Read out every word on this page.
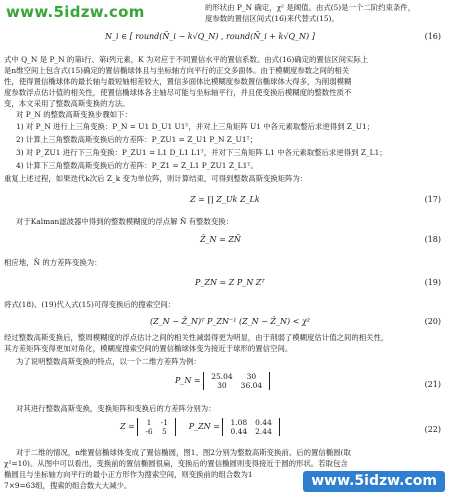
www.5idzw.com	的形状由 P_N 确定，χ² 是阈值。由式(5)是一个二阶约束条件，
度参数的置信区间式(16)来代替式(15)。
N_i ∈ [ round(Ñ_i − k√Q_N) , round(Ñ_i + k√Q_N) ]	(16)
式中 Q_N 是 P_N 的第i行、第i列元素，K 为对应于不同置信水平的置信系数。由式(16)确定的置信区间实际上
是n维空间上包含式(15)确定的置信椭球体且与坐标轴方向平行的正交多面体。由于模糊度参数之间的相关
性，使得置信椭球体的最长轴与最短轴相差较大，置信多面体比模糊度参数置信椭球体大得多，为削弱模糊
度参数浮点估计值的相关性，使置信椭球体各主轴尽可能与坐标轴平行，并且使变换后模糊度的整数性质不
变，本文采用了整数高斯变换的方法。
对 P_N 的整数高斯变换步骤如下：
1) 对 P_N 进行上三角变换：P_N = U1 D_U1 U1ᵀ，并对上三角矩阵 U1 中各元素取整后求逆得到 Z_U1；
2) 计算上三角整数高斯变换后的方差阵：P_ZU1 = Z_U1 P_N Z_U1ᵀ；
3) 对 P_ZU1 进行下三角变换：P_ZU1 = L1 D_L1 L1ᵀ，并对下三角矩阵 L1 中各元素取整后求逆得到 Z_L1；
4) 计算下三角整数高斯变换后的方差阵：P_Z1 = Z_L1 P_ZU1 Z_L1ᵀ。
重复上述过程，如果迭代k次后 Z_k 变为单位阵，则计算结束，可得到整数高斯变换矩阵为：
Z = ∏ Z_Uk Z_Lk	(17)
对于Kalman滤波器中得到的整数模糊度的浮点解 Ñ 有整数变换：
Ẑ_N = ZÑ	(18)
相应地，N̂ 的方差阵变换为：
P_ZN = Z P_N Zᵀ	(19)
将式(18)、(19)代入式(15)可得变换后的搜索空间：
(Z_N − Ẑ_N)ᵀ P_ZN⁻¹ (Z_N − Ẑ_N) < χ²	(20)
经过整数高斯变换后，整周模糊度的浮点估计之间的相关性减弱得更为明显，由于削弱了模糊度估计值之间的相关性，
其方差矩阵变得更加对角化，模糊度搜索空间的置信椭球体变为接近于球形的置信空间。
为了说明整数高斯变换的特点，以一个二维方差阵为例：
P_N = 25.04	30
30	36.04	(21)
对其进行整数高斯变换，变换矩阵和变换后的方差阵分别为：
Z = 1	-1
-6	5
P_ZN = 1.08	0.44
0.44	2.44	(22)
对于二维的情况，n维置信椭球体变成了置信椭圆，图1、图2分别为整数高斯变换前、后的置信椭圆(取
χ²=10)。从图中可以看出，变换前的置信椭圆很扁，变换后的置信椭圆则变得接近于圆的形状。若取包含
椭圆且与坐标轴方向平行的最小正方形作为搜索空间，则变换前的组合数为1
7×9=63组，搜索的组合数大大减少。	www.5idzw.com
